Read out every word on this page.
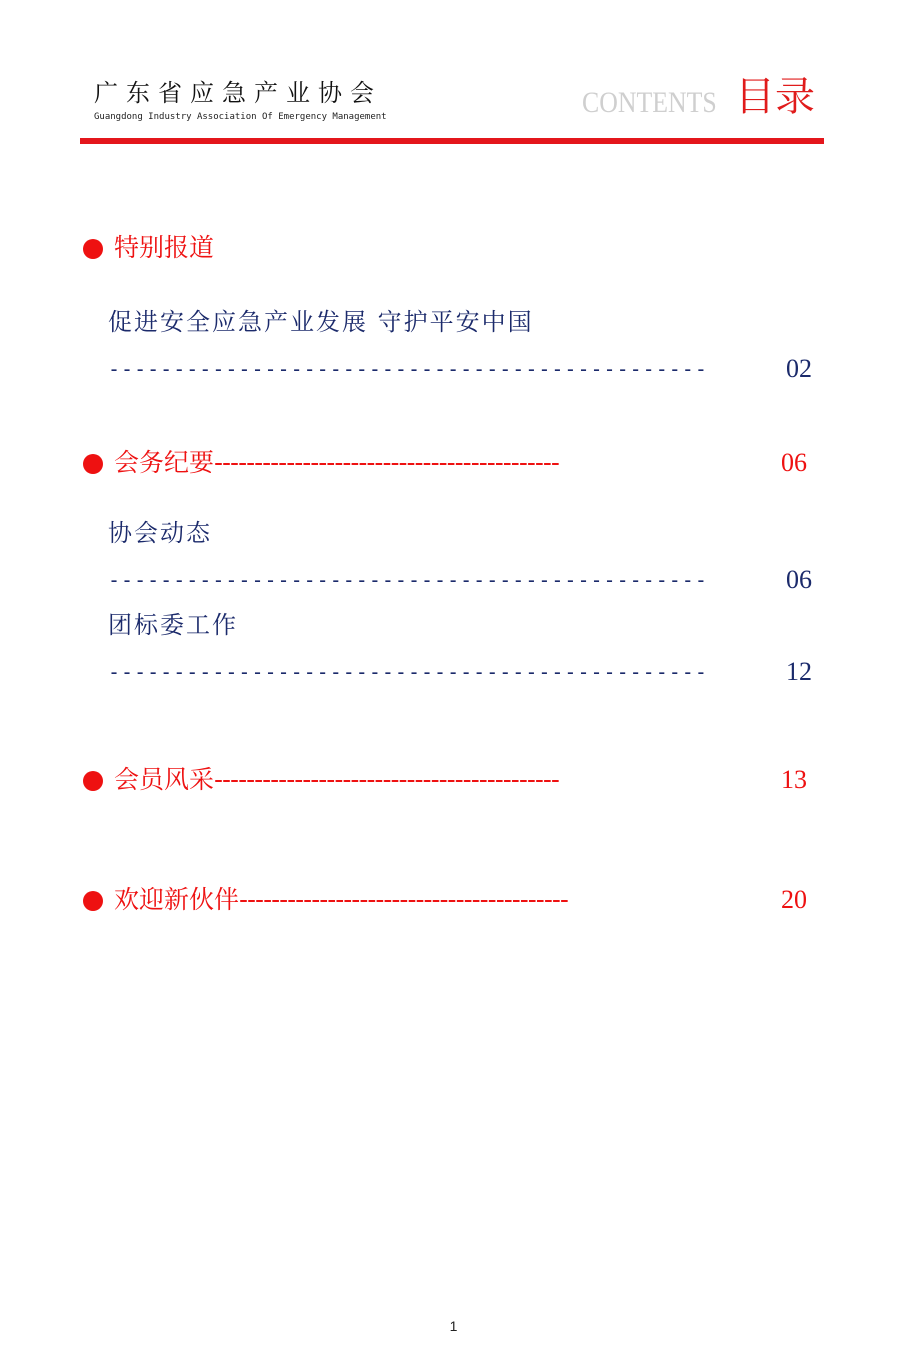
广东省应急产业协会
Guangdong Industry Association Of Emergency Management	CONTENTS 目录
特别报道
促进安全应急产业发展 守护平安中国
----------------------------------------------	02
会务纪要-------------------------------------------	06
协会动态
----------------------------------------------	06
团标委工作
----------------------------------------------	12
会员风采-------------------------------------------	13
欢迎新伙伴-----------------------------------------	20
1
